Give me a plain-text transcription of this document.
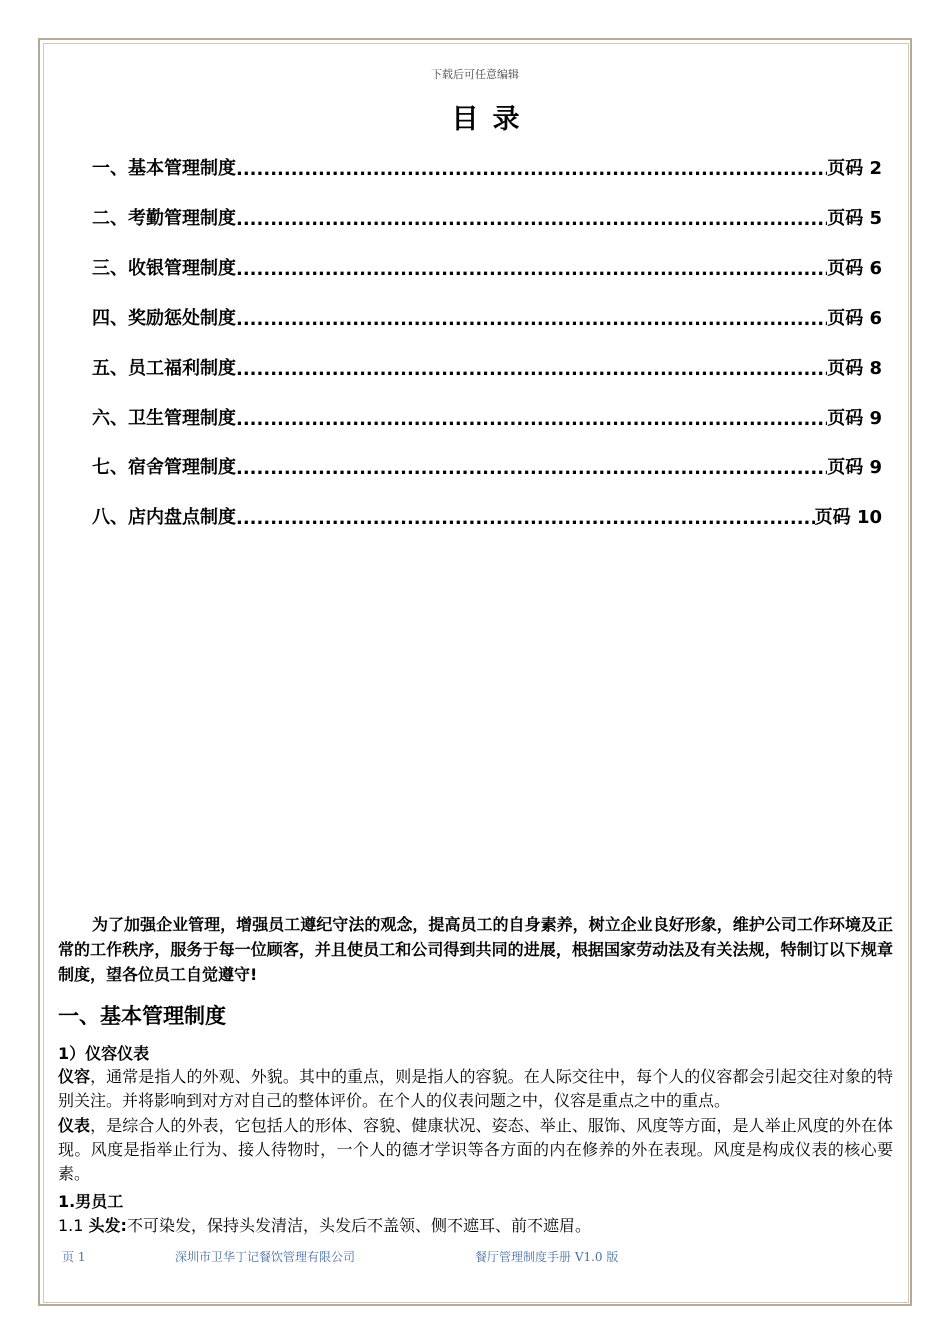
下载后可任意编辑
目录
一、基本管理制度 .....	页码 2
二、考勤管理制度 .....	页码 5
三、收银管理制度 .....	页码 6
四、奖励惩处制度 .....	页码 6
五、员工福利制度 .....	页码 8
六、卫生管理制度 .....	页码 9
七、宿舍管理制度 .....	页码 9
八、店内盘点制度 .....	页码 10
为了加强企业管理，增强员工遵纪守法的观念，提高员工的自身素养，树立企业良好形象，维护公司工作环境及正常的工作秩序，服务于每一位顾客，并且使员工和公司得到共同的进展，根据国家劳动法及有关法规，特制订以下规章制度，望各位员工自觉遵守!
一、基本管理制度
1）仪容仪表
仪容，通常是指人的外观、外貌。其中的重点，则是指人的容貌。在人际交往中，每个人的仪容都会引起交往对象的特别关注。并将影响到对方对自己的整体评价。在个人的仪表问题之中，仪容是重点之中的重点。
仪表，是综合人的外表，它包括人的形体、容貌、健康状况、姿态、举止、服饰、风度等方面，是人举止风度的外在体现。风度是指举止行为、接人待物时，一个人的德才学识等各方面的内在修养的外在表现。风度是构成仪表的核心要素。
1.男员工
1.1 头发:不可染发，保持头发清洁，头发后不盖领、侧不遮耳、前不遮眉。
页 1	深圳市卫华丁记餐饮管理有限公司	餐厅管理制度手册 V1.0 版
